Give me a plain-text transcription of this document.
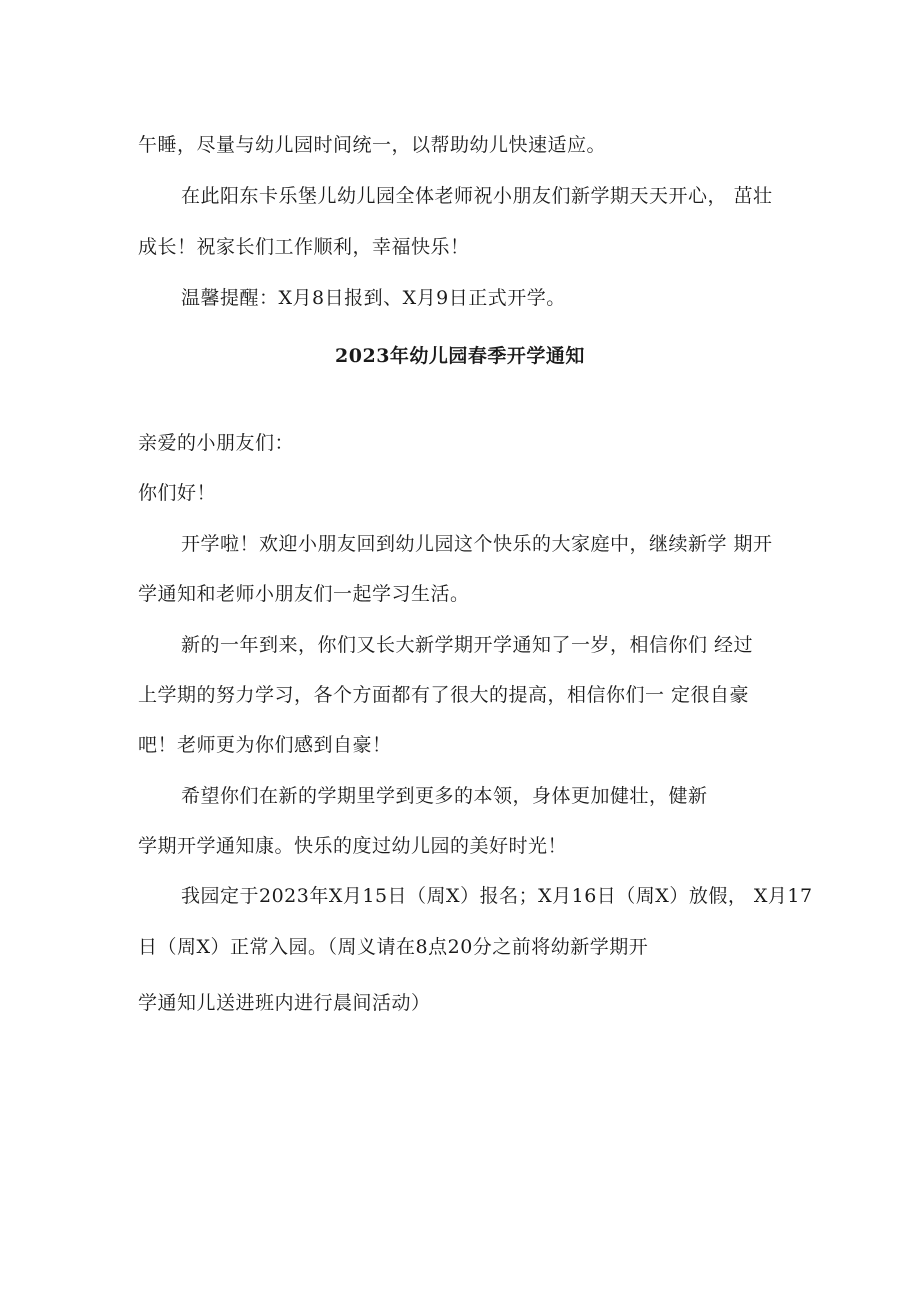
午睡，尽量与幼儿园时间统一，以帮助幼儿快速适应。
在此阳东卡乐堡儿幼儿园全体老师祝小朋友们新学期天天开心， 茁壮
成长！祝家长们工作顺利，幸福快乐！
温馨提醒：X月8日报到、X月9日正式开学。
2023年幼儿园春季开学通知
亲爱的小朋友们：
你们好！
开学啦！欢迎小朋友回到幼儿园这个快乐的大家庭中，继续新学 期开
学通知和老师小朋友们一起学习生活。
新的一年到来，你们又长大新学期开学通知了一岁，相信你们 经过
上学期的努力学习，各个方面都有了很大的提高，相信你们一 定很自豪
吧！老师更为你们感到自豪！
希望你们在新的学期里学到更多的本领，身体更加健壮，健新
学期开学通知康。快乐的度过幼儿园的美好时光！
我园定于2023年X月15日（周X）报名；X月16日（周X）放假， X月17
日（周X）正常入园。（周义请在8点20分之前将幼新学期开
学通知儿送进班内进行晨间活动）
